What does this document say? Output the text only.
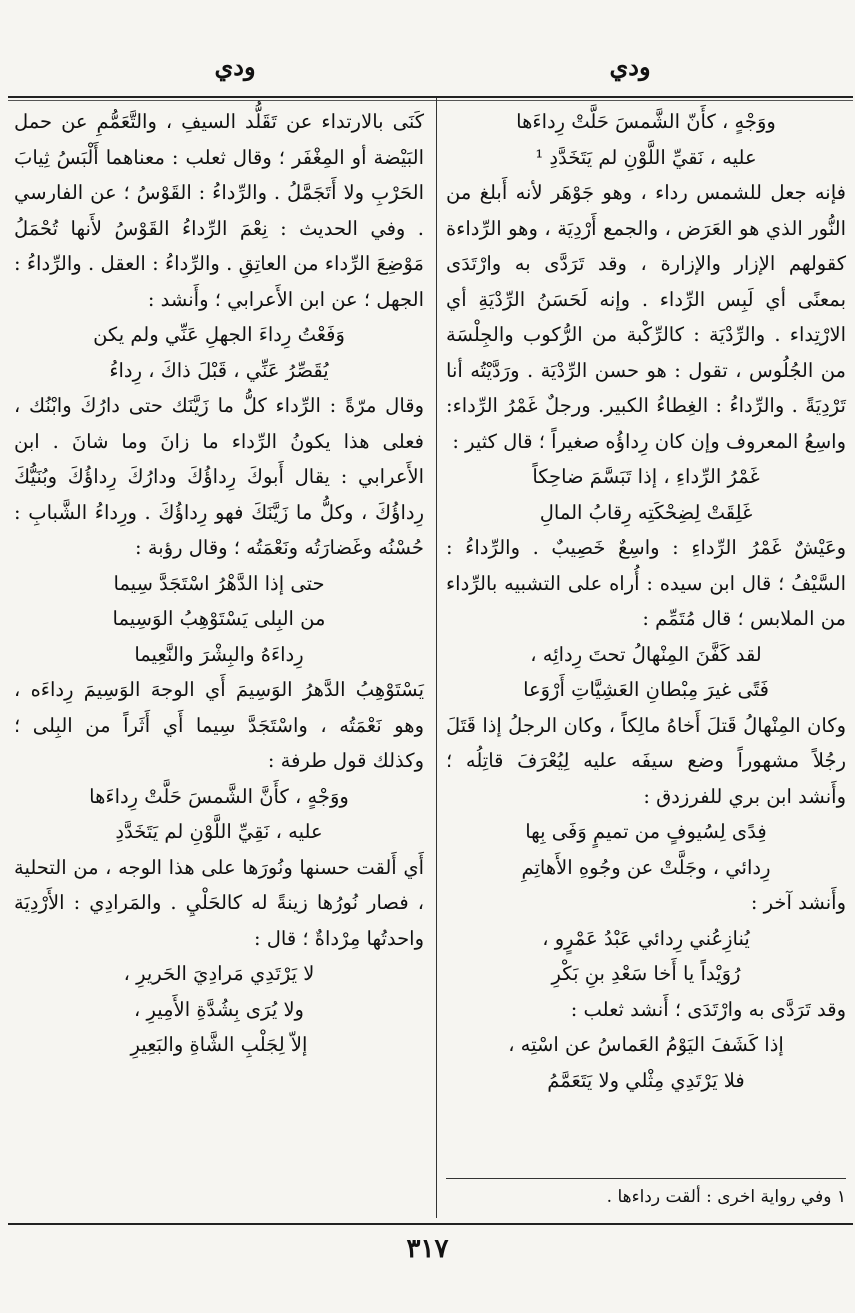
ودي
ودي

ووَجْهٍ ، كأَنّ الشَّمسَ حَلَّتْ رِداءَها

عليه ، نَقيِّ اللَّوْنِ لم يَتَخَدَّدِ ¹

فإنه جعل للشمس رداء ، وهو جَوْهَر لأنه أَبلغ من النُّور الذي هو العَرَض ، والجمع أَرْدِيَة ، وهو الرِّداءة كقولهم الإزار والإزارة ، وقد تَرَدَّى به وارْتَدَى بمعنًى أي لَبِس الرِّداء . وإنه لَحَسَنُ الرِّدْيَةِ أي الارْتِداء . والرِّدْيَة : كالرِّكْبة من الرُّكوب والجِلْسَة من الجُلُوس ، تقول : هو حسن الرِّدْيَة . ورَدَّيْتُه أنا تَرْدِيَةً . والرِّداءُ : الغِطاءُ الكبير. ورجلٌ غَمْرُ الرِّداء: واسِعُ المعروف وإن كان رِداؤُه صغيراً ؛ قال كثير :

غَمْرُ الرِّداءِ ، إذا تَبَسَّمَ ضاحِكاً

غَلِقَتْ لِضِحْكَتِه رِقابُ المالِ

وعَيْشٌ غَمْرُ الرِّداءِ : واسِعٌ خَصِيبٌ . والرِّداءُ : السَّيْفُ ؛ قال ابن سيده : أُراه على التشبيه بالرِّداء من الملابس ؛ قال مُتَمِّم :

لقد كَفَّنَ المِنْهالُ تحتَ رِدائِه ،

فَتًى غيرَ مِبْطانِ العَشِيَّاتِ أَرْوَعا

وكان المِنْهالُ قَتلَ أَخاهُ مالِكاً ، وكان الرجلُ إذا قَتَلَ رجُلاً مشهوراً وضع سيفَه عليه لِيُعْرَفَ قاتِلُه ؛ وأَنشد ابن بري للفرزدق :

فِدًى لِسُيوفٍ من تميمٍ وَفَى بِها

رِدائي ، وجَلَّتْ عن وجُوهِ الأَهاتِمِ

وأَنشد آخر :

يُنازِعُني رِدائي عَبْدُ عَمْرٍو ،

رُوَيْداً يا أَخا سَعْدِ بنِ بَكْرِ

وقد تَرَدَّى به وارْتَدَى ؛ أَنشد ثعلب :

إذا كَشَفَ اليَوْمُ العَماسُ عن اسْتِه ،

فلا يَرْتَدِي مِثْلي ولا يَتَعَمَّمُ

كَنَى بالارتداء عن تَقَلُّد السيفِ ، والتَّعَمُّمِ عن حمل البَيْضة أو المِغْفَر ؛ وقال ثعلب : معناهما أَلْبَسُ ثِيابَ الحَرْبِ ولا أَتَجَمَّلُ . والرِّداءُ : القَوْسُ ؛ عن الفارسي . وفي الحديث : نِعْمَ الرِّداءُ القَوْسُ لأَنها تُحْمَلُ مَوْضِعَ الرِّداء من العاتِقِ . والرِّداءُ : العقل . والرِّداءُ : الجهل ؛ عن ابن الأَعرابي ؛ وأَنشد :

وَفَعْتُ رِداءَ الجهلِ عَنِّي ولم يكن

يُقَصِّرُ عَنِّي ، قَبْلَ ذاكَ ، رِداءُ

وقال مرّةً : الرِّداء كلُّ ما زَيَّنَك حتى دارُكَ وابْنُك ، فعلى هذا يكونُ الرِّداء ما زانَ وما شانَ . ابن الأَعرابي : يقال أَبوكَ رِداؤُكَ ودارُكَ رِداؤُكَ وبُنَيُّكَ رِداؤُكَ ، وكلُّ ما زَيَّنَكَ فهو رِداؤُكَ . ورِداءُ الشَّبابِ : حُسْنُه وغَضارَتُه ونَعْمَتُه ؛ وقال رؤبة :

حتى إذا الدَّهْرُ اسْتَجَدَّ سِيما

من البِلى يَسْتَوْهِبُ الوَسِيما

رِداءَهُ والبِشْرَ والنَّعِيما

يَسْتَوْهِبُ الدَّهرُ الوَسِيمَ أَي الوجهَ الوَسِيمَ رِداءَه ، وهو نَعْمَتُه ، واسْتَجَدَّ سِيما أَي أَثَراً من البِلى ؛ وكذلك قول طرفة :

ووَجْهٍ ، كأَنَّ الشَّمسَ حَلَّتْ رِداءَها

عليه ، نَقِيِّ اللَّوْنِ لم يَتَخَدَّدِ

أَي أَلقت حسنها ونُورَها على هذا الوجه ، من التحلية ، فصار نُورُها زينةً له كالحَلْيِ . والمَرادِي : الأَرْدِيَة واحدتُها مِرْداةٌ ؛ قال :

لا يَرْتَدِي مَرادِيَ الحَريرِ ،

ولا يُرَى بِشُدَّةِ الأَمِيرِ ،

إلاّ لِجَلْبِ الشَّاةِ والبَعِيرِ

١ وفي رواية اخرى : ألقت رداءها .
٣١٧
